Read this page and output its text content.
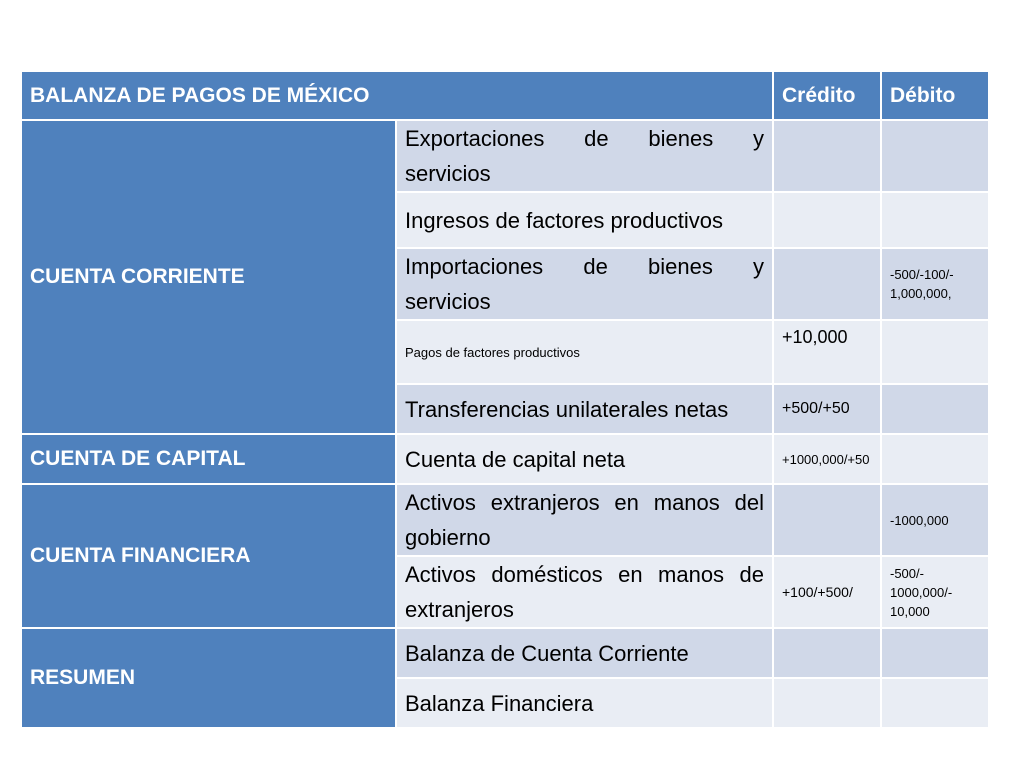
BALANZA DE PAGOS DE MÉXICO		Crédito	Débito
CUENTA CORRIENTE	Exportaciones de bienes y
servicios		

	Ingresos de factores productivos		

	Importaciones de bienes y
servicios		-500/-100/-
1,000,000,

	Pagos de factores productivos	+10,000	
	Transferencias unilaterales netas	+500/+50	
CUENTA DE CAPITAL	Cuenta de capital neta	+1000,000/+50	
CUENTA FINANCIERA	Activos extranjeros en manos del
gobierno		-1000,000

	Activos domésticos en manos de
extranjeros	+100/+500/	-500/-
1000,000/-
10,000

RESUMEN	Balanza de Cuenta Corriente		
	Balanza Financiera		
